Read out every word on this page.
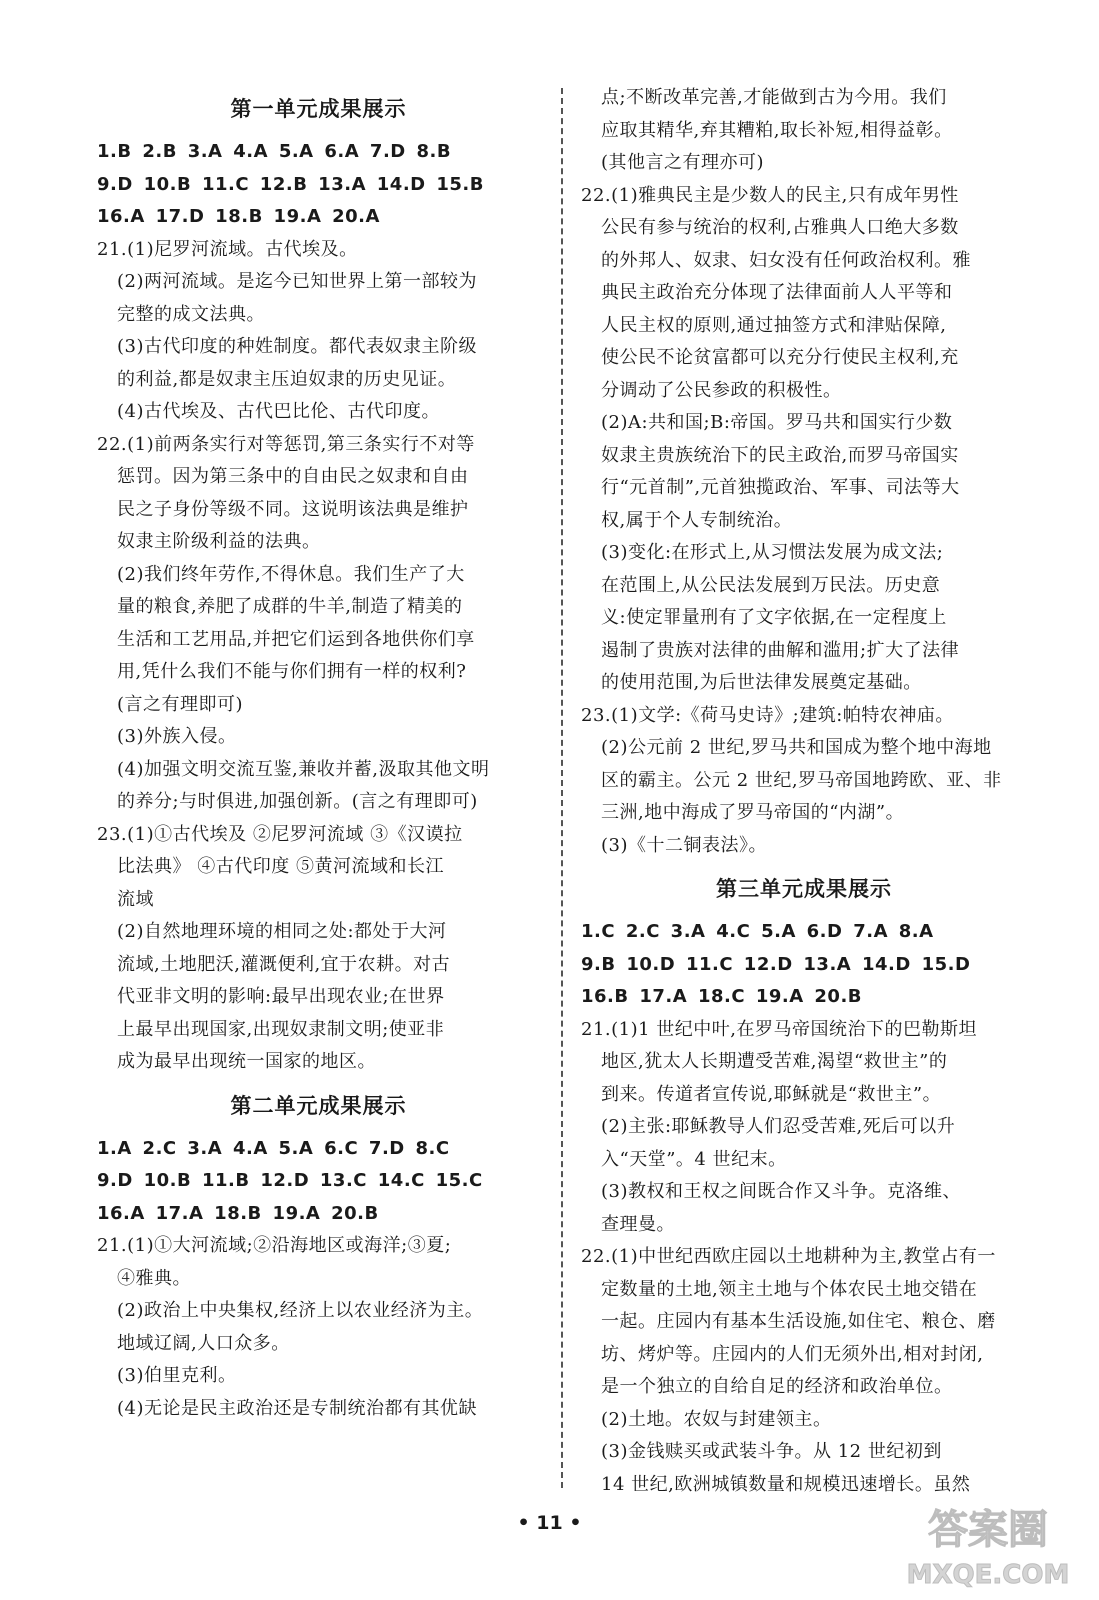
第一单元成果展示
1.B 2.B 3.A 4.A 5.A 6.A 7.D 8.B
9.D 10.B 11.C 12.B 13.A 14.D 15.B
16.A 17.D 18.B 19.A 20.A
21.(1)尼罗河流域。古代埃及。
(2)两河流域。是迄今已知世界上第一部较为
完整的成文法典。
(3)古代印度的种姓制度。都代表奴隶主阶级
的利益,都是奴隶主压迫奴隶的历史见证。
(4)古代埃及、古代巴比伦、古代印度。
22.(1)前两条实行对等惩罚,第三条实行不对等
惩罚。因为第三条中的自由民之奴隶和自由
民之子身份等级不同。这说明该法典是维护
奴隶主阶级利益的法典。
(2)我们终年劳作,不得休息。我们生产了大
量的粮食,养肥了成群的牛羊,制造了精美的
生活和工艺用品,并把它们运到各地供你们享
用,凭什么我们不能与你们拥有一样的权利?
(言之有理即可)
(3)外族入侵。
(4)加强文明交流互鉴,兼收并蓄,汲取其他文明
的养分;与时俱进,加强创新。(言之有理即可)
23.(1)①古代埃及 ②尼罗河流域 ③《汉谟拉
比法典》 ④古代印度 ⑤黄河流域和长江
流域
(2)自然地理环境的相同之处:都处于大河
流域,土地肥沃,灌溉便利,宜于农耕。对古
代亚非文明的影响:最早出现农业;在世界
上最早出现国家,出现奴隶制文明;使亚非
成为最早出现统一国家的地区。
第二单元成果展示
1.A 2.C 3.A 4.A 5.A 6.C 7.D 8.C
9.D 10.B 11.B 12.D 13.C 14.C 15.C
16.A 17.A 18.B 19.A 20.B
21.(1)①大河流域;②沿海地区或海洋;③夏;
④雅典。
(2)政治上中央集权,经济上以农业经济为主。
地域辽阔,人口众多。
(3)伯里克利。
(4)无论是民主政治还是专制统治都有其优缺
点;不断改革完善,才能做到古为今用。我们
应取其精华,弃其糟粕,取长补短,相得益彰。
(其他言之有理亦可)
22.(1)雅典民主是少数人的民主,只有成年男性
公民有参与统治的权利,占雅典人口绝大多数
的外邦人、奴隶、妇女没有任何政治权利。雅
典民主政治充分体现了法律面前人人平等和
人民主权的原则,通过抽签方式和津贴保障,
使公民不论贫富都可以充分行使民主权利,充
分调动了公民参政的积极性。
(2)A:共和国;B:帝国。罗马共和国实行少数
奴隶主贵族统治下的民主政治,而罗马帝国实
行“元首制”,元首独揽政治、军事、司法等大
权,属于个人专制统治。
(3)变化:在形式上,从习惯法发展为成文法;
在范围上,从公民法发展到万民法。历史意
义:使定罪量刑有了文字依据,在一定程度上
遏制了贵族对法律的曲解和滥用;扩大了法律
的使用范围,为后世法律发展奠定基础。
23.(1)文学:《荷马史诗》;建筑:帕特农神庙。
(2)公元前 2 世纪,罗马共和国成为整个地中海地
区的霸主。公元 2 世纪,罗马帝国地跨欧、亚、非
三洲,地中海成了罗马帝国的“内湖”。
(3)《十二铜表法》。
第三单元成果展示
1.C 2.C 3.A 4.C 5.A 6.D 7.A 8.A
9.B 10.D 11.C 12.D 13.A 14.D 15.D
16.B 17.A 18.C 19.A 20.B
21.(1)1 世纪中叶,在罗马帝国统治下的巴勒斯坦
地区,犹太人长期遭受苦难,渴望“救世主”的
到来。传道者宣传说,耶稣就是“救世主”。
(2)主张:耶稣教导人们忍受苦难,死后可以升
入“天堂”。4 世纪末。
(3)教权和王权之间既合作又斗争。克洛维、
查理曼。
22.(1)中世纪西欧庄园以土地耕种为主,教堂占有一
定数量的土地,领主土地与个体农民土地交错在
一起。庄园内有基本生活设施,如住宅、粮仓、磨
坊、烤炉等。庄园内的人们无须外出,相对封闭,
是一个独立的自给自足的经济和政治单位。
(2)土地。农奴与封建领主。
(3)金钱赎买或武装斗争。从 12 世纪初到
14 世纪,欧洲城镇数量和规模迅速增长。虽然
• 11 •	答案圈
MXQE.COM
